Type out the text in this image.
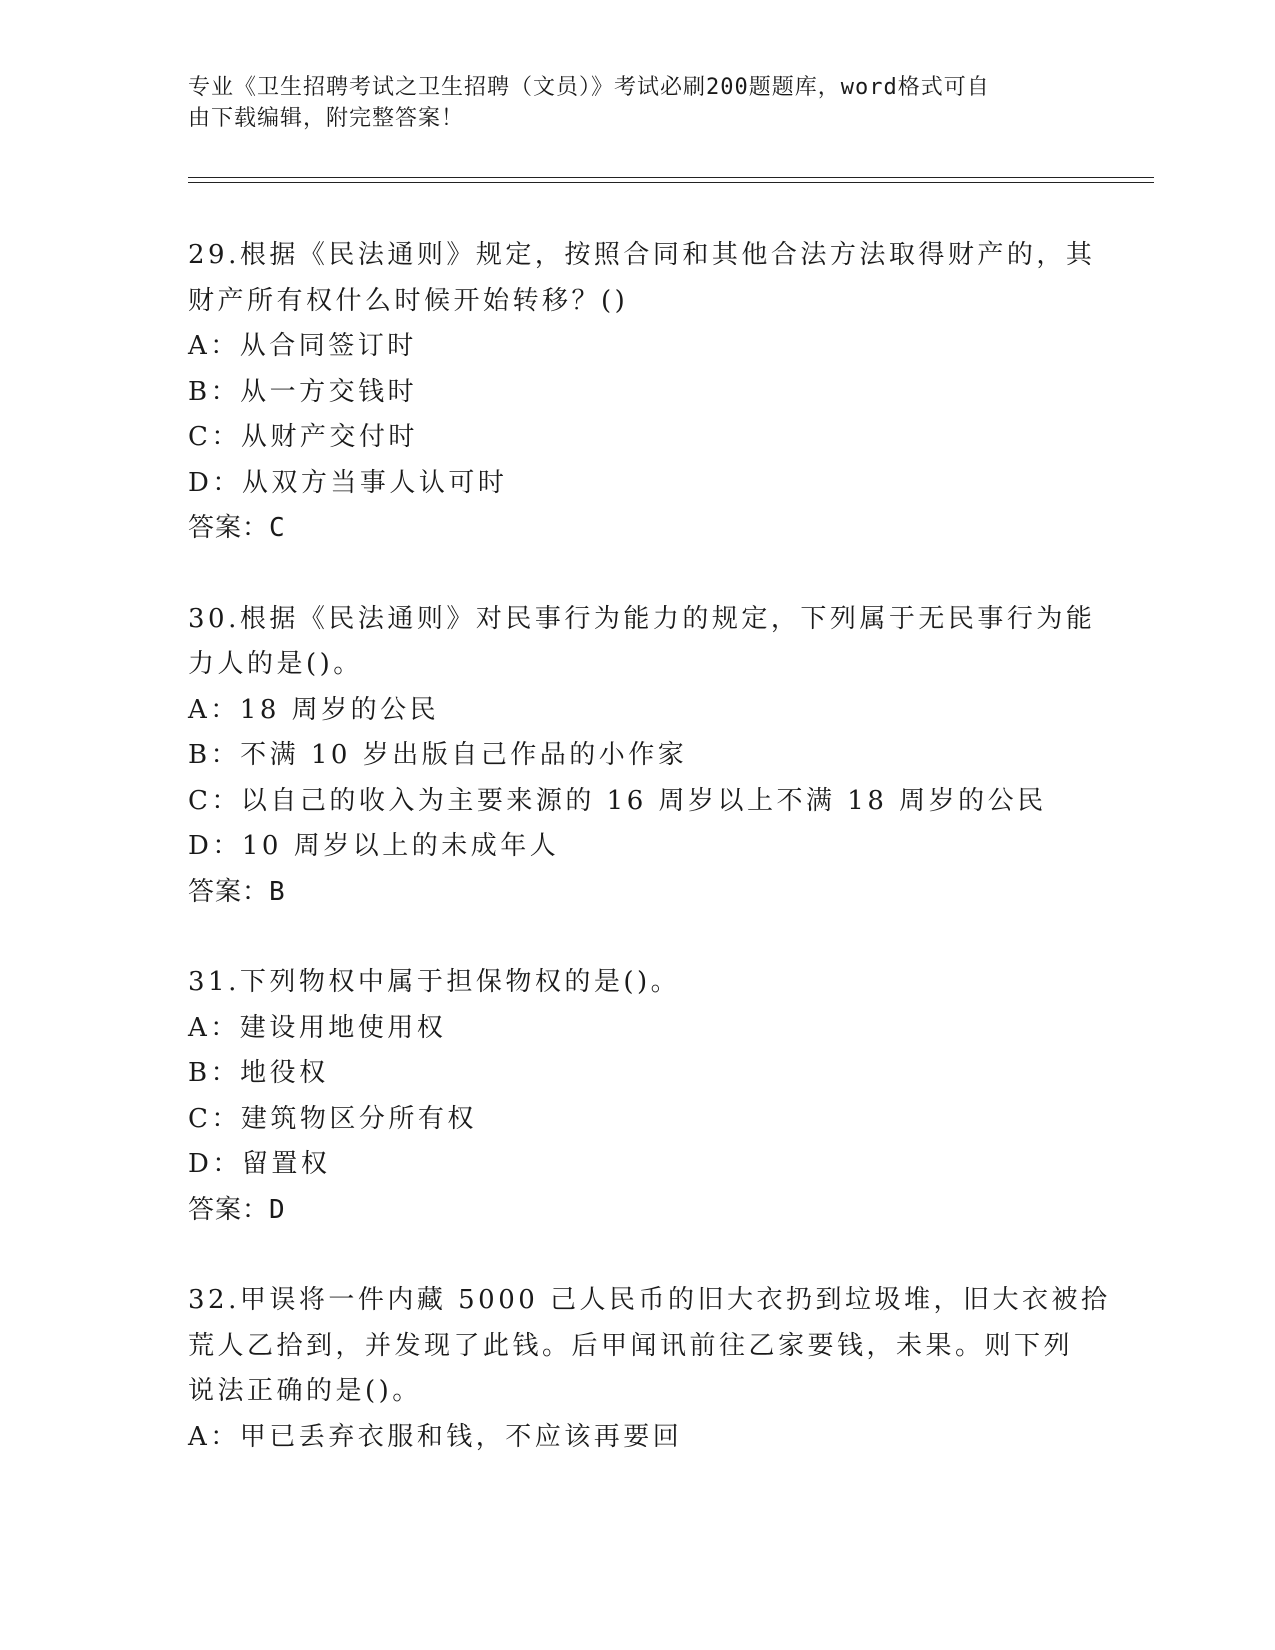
专业《卫生招聘考试之卫生招聘（文员）》考试必刷200题题库，word格式可自
由下载编辑，附完整答案！
29.根据《民法通则》规定，按照合同和其他合法方法取得财产的，其
财产所有权什么时候开始转移？()
A：从合同签订时
B：从一方交钱时
C：从财产交付时
D：从双方当事人认可时
答案：C
30.根据《民法通则》对民事行为能力的规定，下列属于无民事行为能
力人的是()。
A：18 周岁的公民
B：不满 10 岁出版自己作品的小作家
C：以自己的收入为主要来源的 16 周岁以上不满 18 周岁的公民
D：10 周岁以上的未成年人
答案：B
31.下列物权中属于担保物权的是()。
A：建设用地使用权
B：地役权
C：建筑物区分所有权
D：留置权
答案：D
32.甲误将一件内藏 5000 己人民币的旧大衣扔到垃圾堆，旧大衣被拾
荒人乙拾到，并发现了此钱。后甲闻讯前往乙家要钱，未果。则下列
说法正确的是()。
A：甲已丢弃衣服和钱，不应该再要回
